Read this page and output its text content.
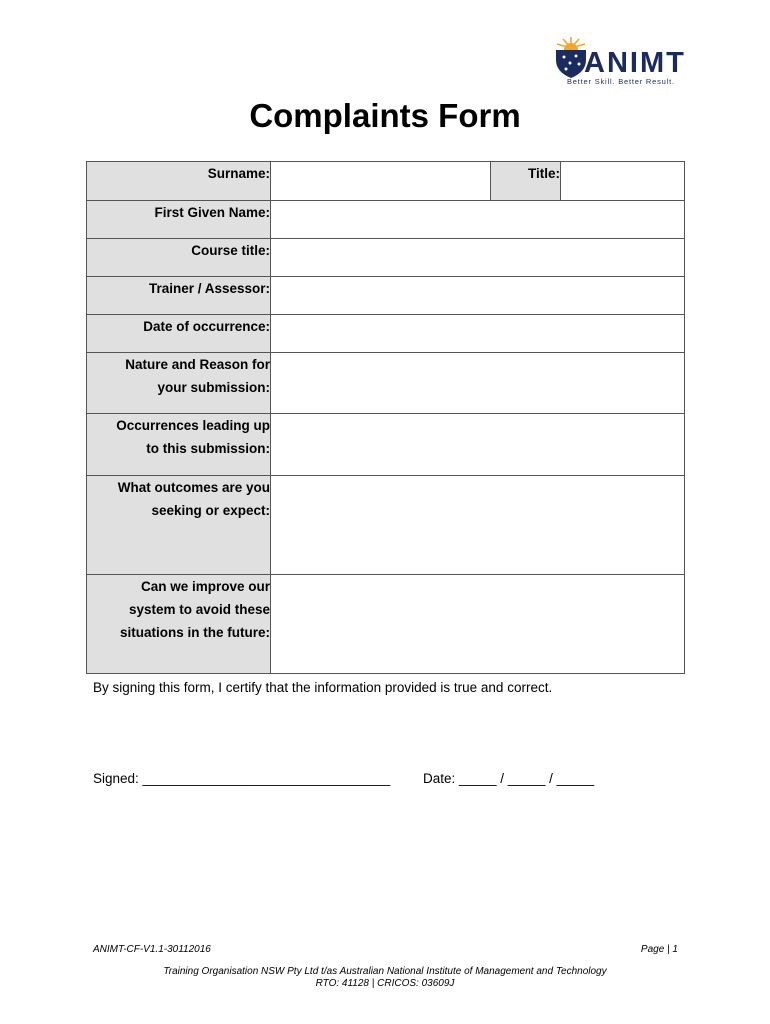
ANIMT
Better Skill. Better Result.
Complaints Form
Surname:		Title:	
First Given Name:			
Course title:			
Trainer / Assessor:			
Date of occurrence:			

Nature and Reason for
your submission:			

Occurrences leading up
to this submission:			

What outcomes are you
seeking or expect:			

Can we improve our
system to avoid these
situations in the future:			

By signing this form, I certify that the information provided is true and correct.
Signed: _________________________________ Date: _____ / _____ / _____
ANIMT-CF-V1.1-30112016	Page | 1
Training Organisation NSW Pty Ltd t/as Australian National Institute of Management and Technology
RTO: 41128 | CRICOS: 03609J
